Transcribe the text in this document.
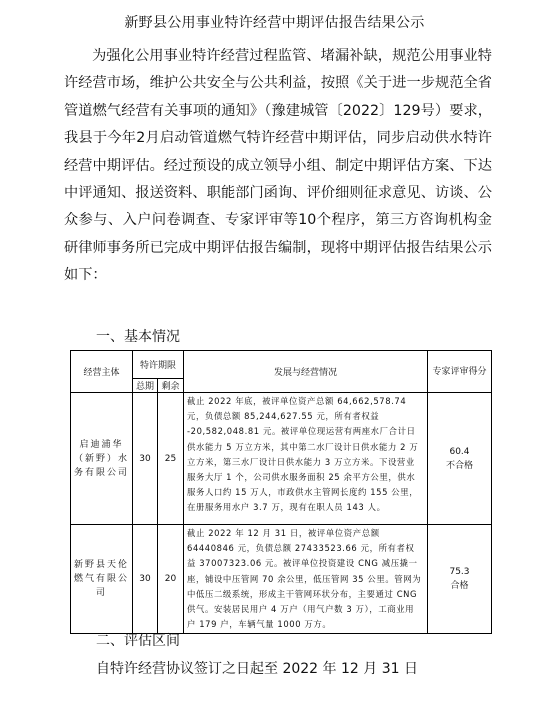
新野县公用事业特许经营中期评估报告结果公示
为强化公用事业特许经营过程监管、堵漏补缺，规范公用事业特许经营市场，维护公共安全与公共利益，按照《关于进一步规范全省管道燃气经营有关事项的通知》（豫建城管〔2022〕129号）要求，我县于今年2月启动管道燃气特许经营中期评估，同步启动供水特许经营中期评估。经过预设的成立领导小组、制定中期评估方案、下达中评通知、报送资料、职能部门函询、评价细则征求意见、访谈、公众参与、入户问卷调查、专家评审等10个程序，第三方咨询机构金研律师事务所已完成中期评估报告编制，现将中期评估报告结果公示如下：
一、基本情况
经营主体	特许期限		发展与经营情况	专家评审得分
	总期	剩余		
启迪浦华（新野）水务有限公司	30	25	截止 2022 年底，被评单位资产总额 64,662,578.74 元，负债总额 85,244,627.55 元，所有者权益 -20,582,048.81 元。被评单位现运营有两座水厂合计日供水能力 5 万立方米，其中第二水厂设计日供水能力 2 万立方米，第三水厂设计日供水能力 3 万立方米。下设营业服务大厅 1 个，公司供水服务面积 25 余平方公里，供水服务人口约 15 万人，市政供水主管网长度约 155 公里，在册服务用水户 3.7 万，现有在职人员 143 人。	60.4
不合格

新野县天伦燃气有限公司	30	20	截止 2022 年 12 月 31 日，被评单位资产总额 64440846 元，负债总额 27433523.66 元，所有者权益 37007323.06 元。被评单位投资建设 CNG 减压撬一座，铺设中压管网 70 余公里，低压管网 35 公里。管网为中低压二级系统，形成主干管网环状分布，主要通过 CNG 供气。安装居民用户 4 万户（用气户数 3 万），工商业用户 179 户，车辆气量 1000 万方。	75.3
合格
二、评估区间
自特许经营协议签订之日起至 2022 年 12 月 31 日
